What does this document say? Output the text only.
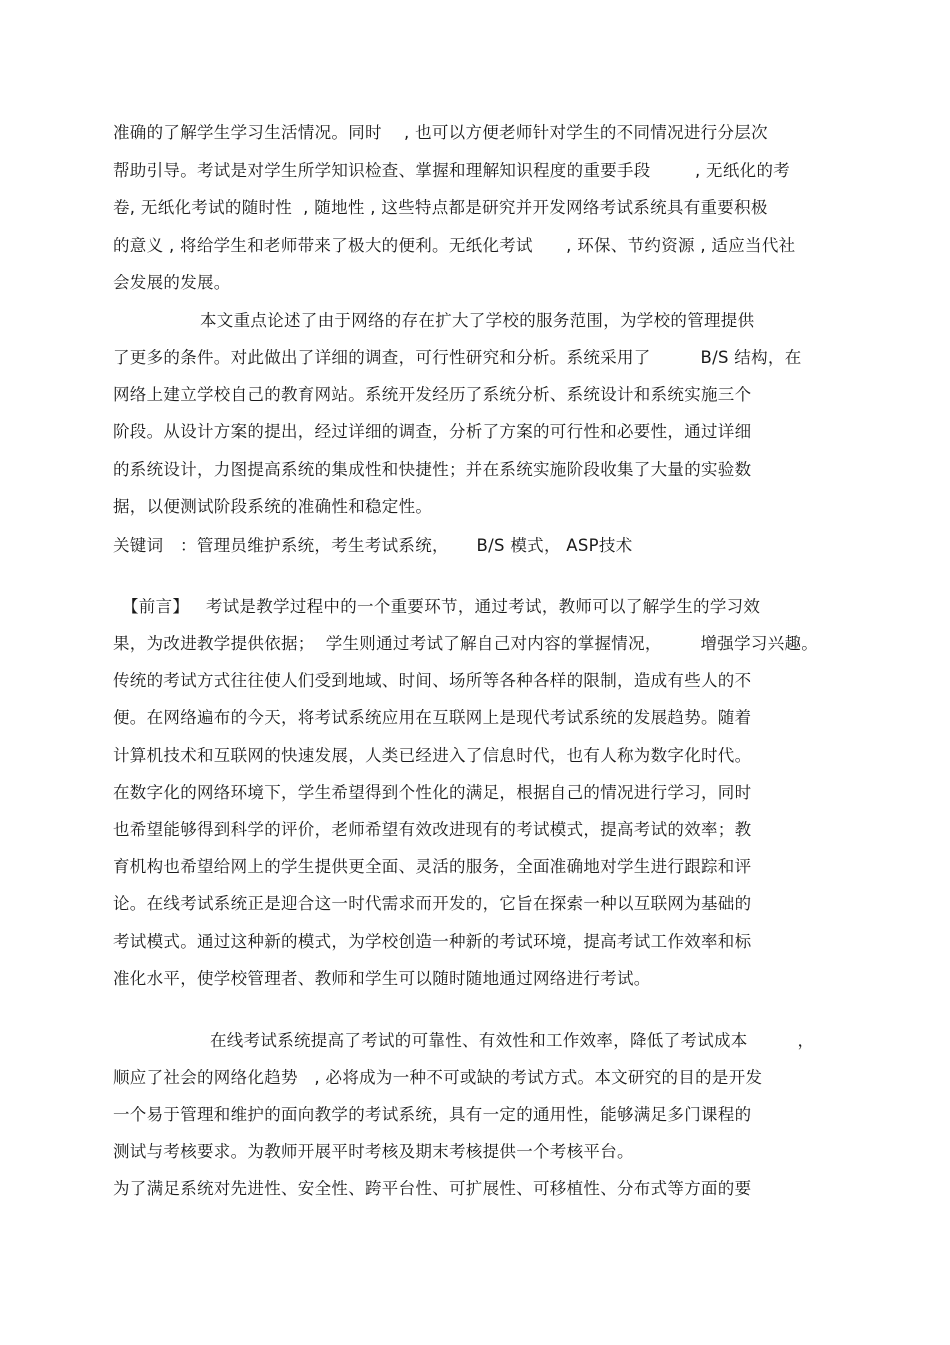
准确的了解学生学习生活情况。同时    , 也可以方便老师针对学生的不同情况进行分层次
帮助引导。考试是对学生所学知识检查、掌握和理解知识程度的重要手段        , 无纸化的考
卷, 无纸化考试的随时性  , 随地性 , 这些特点都是研究并开发网络考试系统具有重要积极
的意义 , 将给学生和老师带来了极大的便利。无纸化考试      , 环保、节约资源 , 适应当代社
会发展的发展。
本文重点论述了由于网络的存在扩大了学校的服务范围，为学校的管理提供
了更多的条件。对此做出了详细的调查，可行性研究和分析。系统采用了         B/S 结构，在
网络上建立学校自己的教育网站。系统开发经历了系统分析、系统设计和系统实施三个
阶段。从设计方案的提出，经过详细的调查，分析了方案的可行性和必要性，通过详细
的系统设计，力图提高系统的集成性和快捷性；并在系统实施阶段收集了大量的实验数
据，以便测试阶段系统的准确性和稳定性。
关键词   ：管理员维护系统，考生考试系统，     B/S 模式， ASP技术
【前言】   考试是教学过程中的一个重要环节，通过考试，教师可以了解学生的学习效
果，为改进教学提供依据；  学生则通过考试了解自己对内容的掌握情况，       增强学习兴趣。
传统的考试方式往往使人们受到地域、时间、场所等各种各样的限制，造成有些人的不
便。在网络遍布的今天，将考试系统应用在互联网上是现代考试系统的发展趋势。随着
计算机技术和互联网的快速发展，人类已经进入了信息时代，也有人称为数字化时代。
在数字化的网络环境下，学生希望得到个性化的满足，根据自己的情况进行学习，同时
也希望能够得到科学的评价，老师希望有效改进现有的考试模式，提高考试的效率；教
育机构也希望给网上的学生提供更全面、灵活的服务，全面准确地对学生进行跟踪和评
论。在线考试系统正是迎合这一时代需求而开发的，它旨在探索一种以互联网为基础的
考试模式。通过这种新的模式，为学校创造一种新的考试环境，提高考试工作效率和标
准化水平，使学校管理者、教师和学生可以随时随地通过网络进行考试。
在线考试系统提高了考试的可靠性、有效性和工作效率，降低了考试成本         ，
顺应了社会的网络化趋势   , 必将成为一种不可或缺的考试方式。本文研究的目的是开发
一个易于管理和维护的面向教学的考试系统，具有一定的通用性，能够满足多门课程的
测试与考核要求。为教师开展平时考核及期末考核提供一个考核平台。
为了满足系统对先进性、安全性、跨平台性、可扩展性、可移植性、分布式等方面的要
